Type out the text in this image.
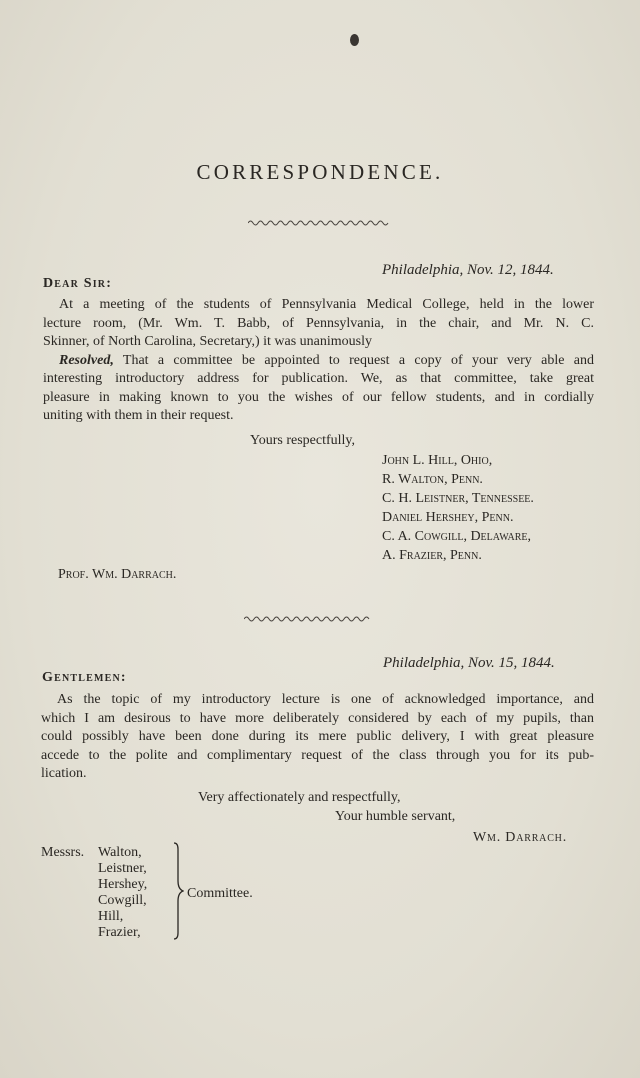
CORRESPONDENCE.
Philadelphia, Nov. 12, 1844.
Dear Sir:
At a meeting of the students of Pennsylvania Medical College, held in the lower
lecture room, (Mr. Wm. T. Babb, of Pennsylvania, in the chair, and Mr. N. C.
Skinner, of North Carolina, Secretary,) it was unanimously
Resolved, That a committee be appointed to request a copy of your very able and
interesting introductory address for publication. We, as that committee, take great
pleasure in making known to you the wishes of our fellow students, and in cordially
uniting with them in their request.
Yours respectfully,
John L. Hill, Ohio,
R. Walton, Penn.
C. H. Leistner, Tennessee.
Daniel Hershey, Penn.
C. A. Cowgill, Delaware,
A. Frazier, Penn.
Prof. Wm. Darrach.
Philadelphia, Nov. 15, 1844.
Gentlemen:
As the topic of my introductory lecture is one of acknowledged importance, and
which I am desirous to have more deliberately considered by each of my pupils, than
could possibly have been done during its mere public delivery, I with great pleasure
accede to the polite and complimentary request of the class through you for its pub-
lication.
Very affectionately and respectfully,
Your humble servant,
Wm. Darrach.
Messrs. Walton,
Leistner,
Hershey,
Cowgill,
Hill,
Frazier,
Committee.
